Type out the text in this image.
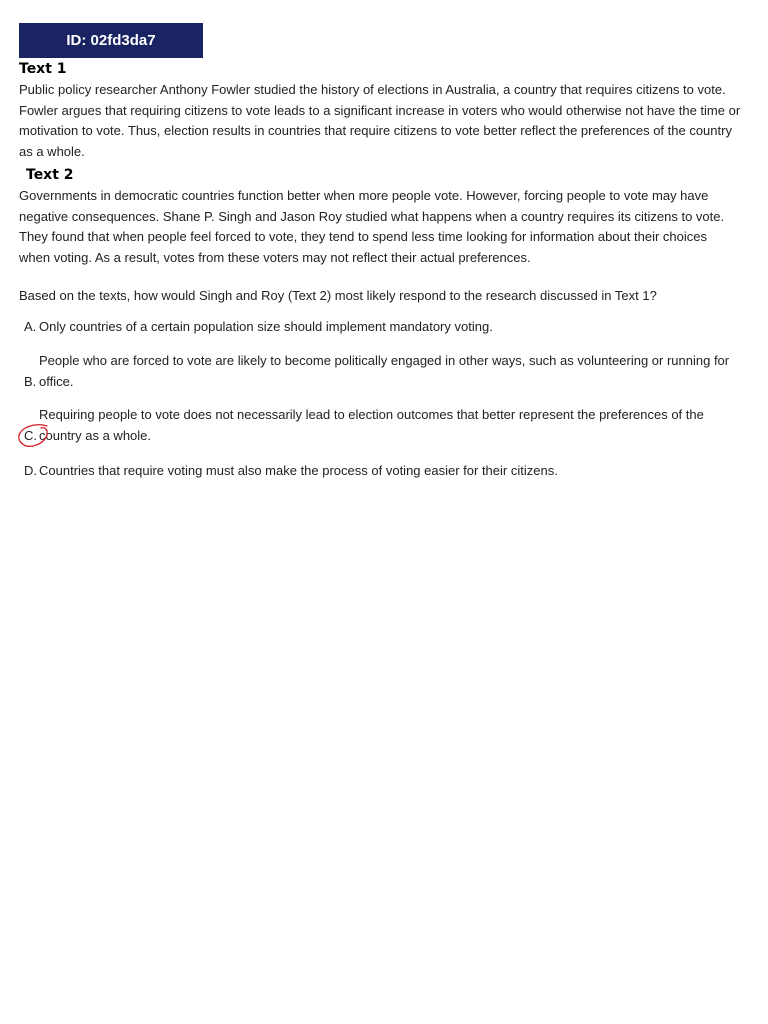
ID: 02fd3da7
Text 1

Public policy researcher Anthony Fowler studied the history of elections in Australia, a country that requires citizens to vote. Fowler argues that requiring citizens to vote leads to a significant increase in voters who would otherwise not have the time or motivation to vote. Thus, election results in countries that require citizens to vote better reflect the preferences of the country as a whole.

Text 2

Governments in democratic countries function better when more people vote. However, forcing people to vote may have negative consequences. Shane P. Singh and Jason Roy studied what happens when a country requires its citizens to vote. They found that when people feel forced to vote, they tend to spend less time looking for information about their choices when voting. As a result, votes from these voters may not reflect their actual preferences.

Based on the texts, how would Singh and Roy (Text 2) most likely respond to the research discussed in Text 1?

A. Only countries of a certain population size should implement mandatory voting.
B.
People who are forced to vote are likely to become politically engaged in other ways, such as volunteering or running for office.
C.
Requiring people to vote does not necessarily lead to election outcomes that better represent the preferences of the country as a whole.
D. Countries that require voting must also make the process of voting easier for their citizens.
